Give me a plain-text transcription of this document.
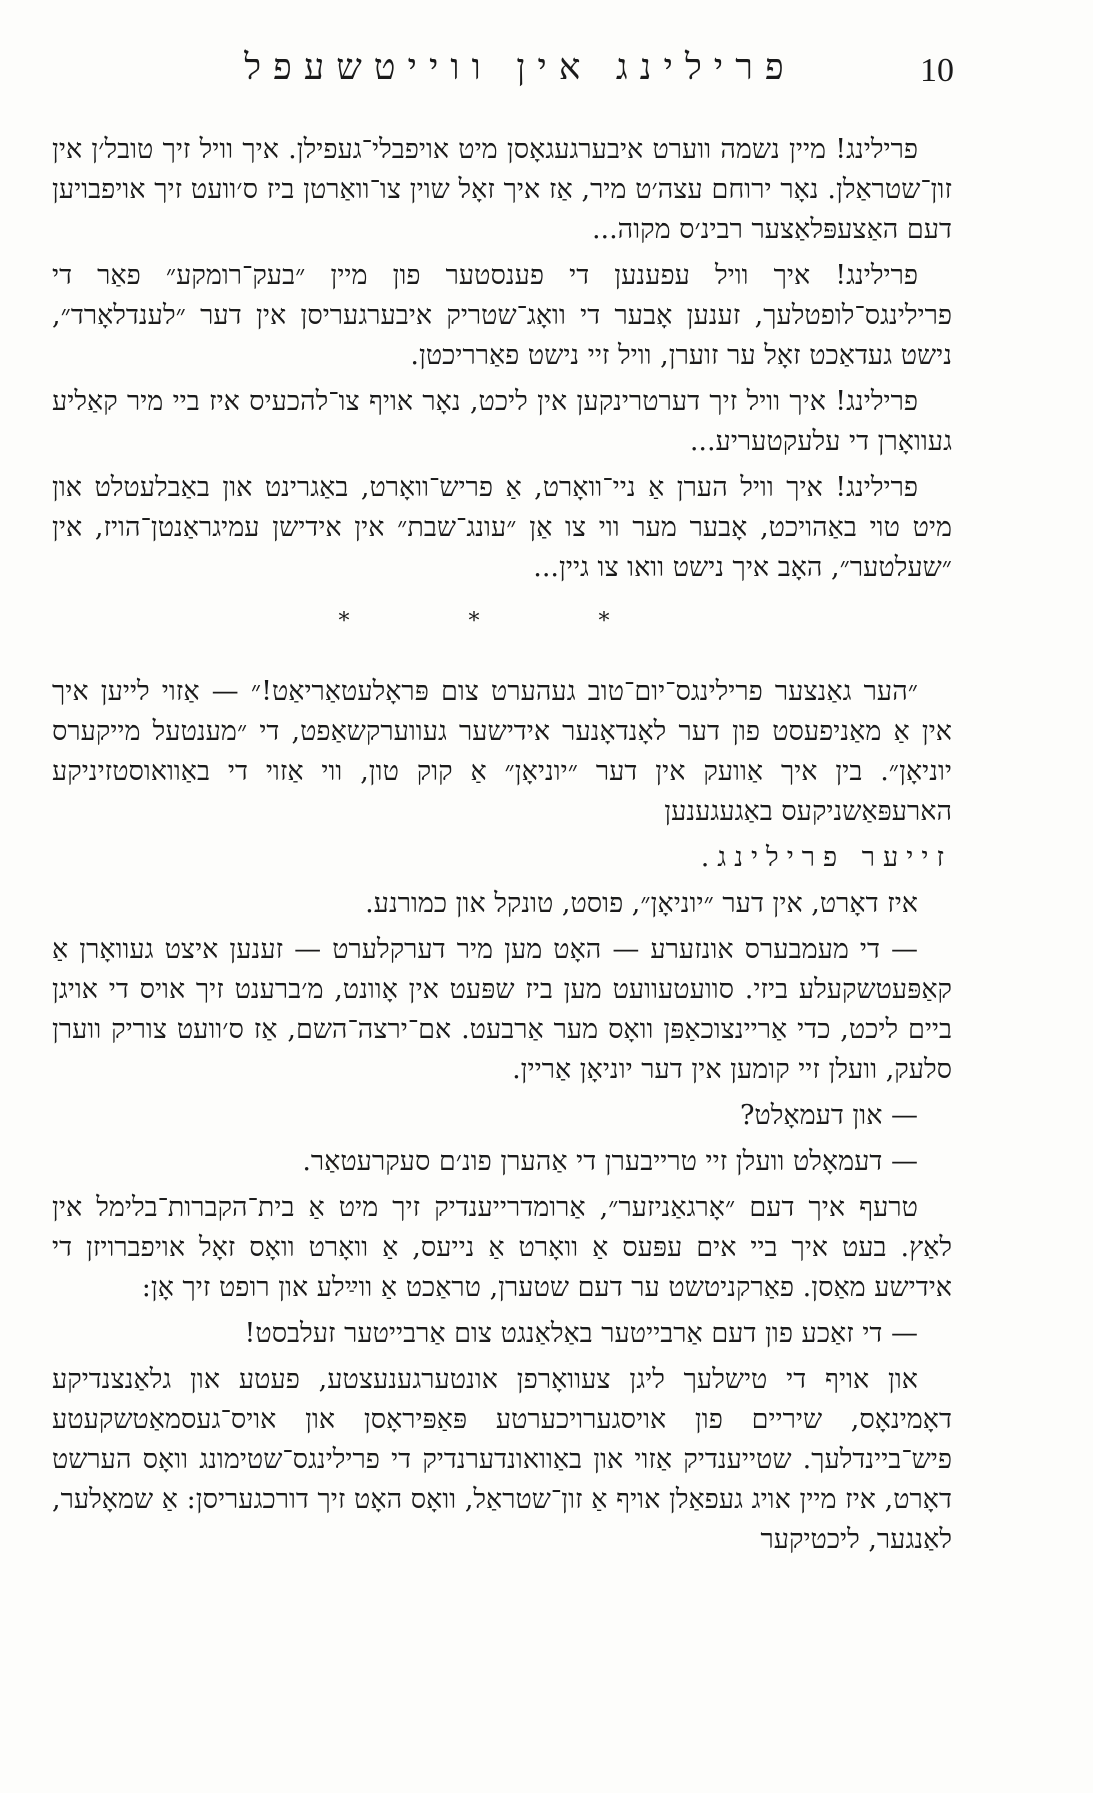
10
פרילינג אין ווייטשעפל

פרילינג! מיין נשמה ווערט איבערגעגאָסן מיט אויפבלי־געפילן. איך וויל זיך טובל׳ן אין זון־שטראַלן. נאָר ירוחם עצה׳ט מיר, אַז איך זאָל שוין צו־וואַרטן ביז ס׳וועט זיך אויפבויען דעם האַצעפּלאַצער רבינ׳ס מקוה...

פרילינג! איך וויל עפענען די פענסטער פון מיין ״בעק־רומקע״ פאַר די פרילינגס־לופטלעך, זענען אָבער די וואָג־שטריק איבערגעריסן אין דער ״לענדלאָרד״, נישט געדאַכט זאָל ער זוערן, וויל זיי נישט פאַרריכטן.

פרילינג! איך וויל זיך דערטרינקען אין ליכט, נאָר אויף צו־להכעיס איז ביי מיר קאַליע געוואָרן די עלעקטעריע...

פרילינג! איך וויל הערן אַ ניי־וואָרט, אַ פריש־וואָרט, באַגרינט און באַבלעטלט און מיט טוי באַהויכט, אָבער מער ווי צו אַן ״עונג־שבת״ אין אידישן עמיגראַנטן־הויז, אין ״שעלטער״, האָב איך נישט וואו צו גיין...

* * *

״הער גאַנצער פרילינגס־יום־טוב געהערט צום פּראָלעטאַריאַט!״ — אַזוי לייען איך אין אַ מאַניפעסט פון דער לאָנדאָנער אידישער געווערקשאַפט, די ״מענטעל מייקערס יוניאָן״. בין איך אַוועק אין דער ״יוניאָן״ אַ קוק טון, ווי אַזוי די באַוואוסטזיניקע הארעפּאַשניקעס באַגעגענען

זייער פרילינג.

איז דאָרט, אין דער ״יוניאָן״, פוסט, טונקל און כמורנע.

— די מעמבערס אונזערע — האָט מען מיר דערקלערט — זענען איצט געוואָרן אַ קאַפּעטשקעלע ביזי. סוועטעוועט מען ביז שפּעט אין אָוונט, מ׳ברענט זיך אויס די אויגן ביים ליכט, כדי אַריינצוכאַפּן וואָס מער אַרבעט. אם־ירצה־השם, אַז ס׳וועט צוריק ווערן סלעק, וועלן זיי קומען אין דער יוניאָן אַריין.

— און דעמאָלט?

— דעמאָלט וועלן זיי טרייבערן די אַהערן פונ׳ם סעקרעטאַר.

טרעף איך דעם ״אָרגאַניזער״, אַרומדרייענדיק זיך מיט אַ בית־הקברות־בלימל אין לאַץ. בעט איך ביי אים עפּעס אַ וואָרט אַ נייעס, אַ וואָרט וואָס זאָל אויפברויזן די אידישע מאַסן. פאַרקניטשט ער דעם שטערן, טראַכט אַ ווײַלע און רופט זיך אָן:

— די זאַכע פון דעם אַרבייטער באַלאַנגט צום אַרבייטער זעלבסט!

און אויף די טישלעך ליגן צעוואָרפן אונטערגענעצטע, פעטע און גלאַנצנדיקע דאָמינאָס, שיריים פון אויסגערויכערטע פּאַפּיראָסן און אויס־געסמאַטשקעטע פיש־ביינדלעך. שטייענדיק אַזוי און באַוואונדערנדיק די פרילינגס־שטימונג וואָס הערשט דאָרט, איז מיין אויג געפאַלן אויף אַ זון־שטראַל, וואָס האָט זיך דורכגעריסן: אַ שמאָלער, לאַנגער, ליכטיקער
